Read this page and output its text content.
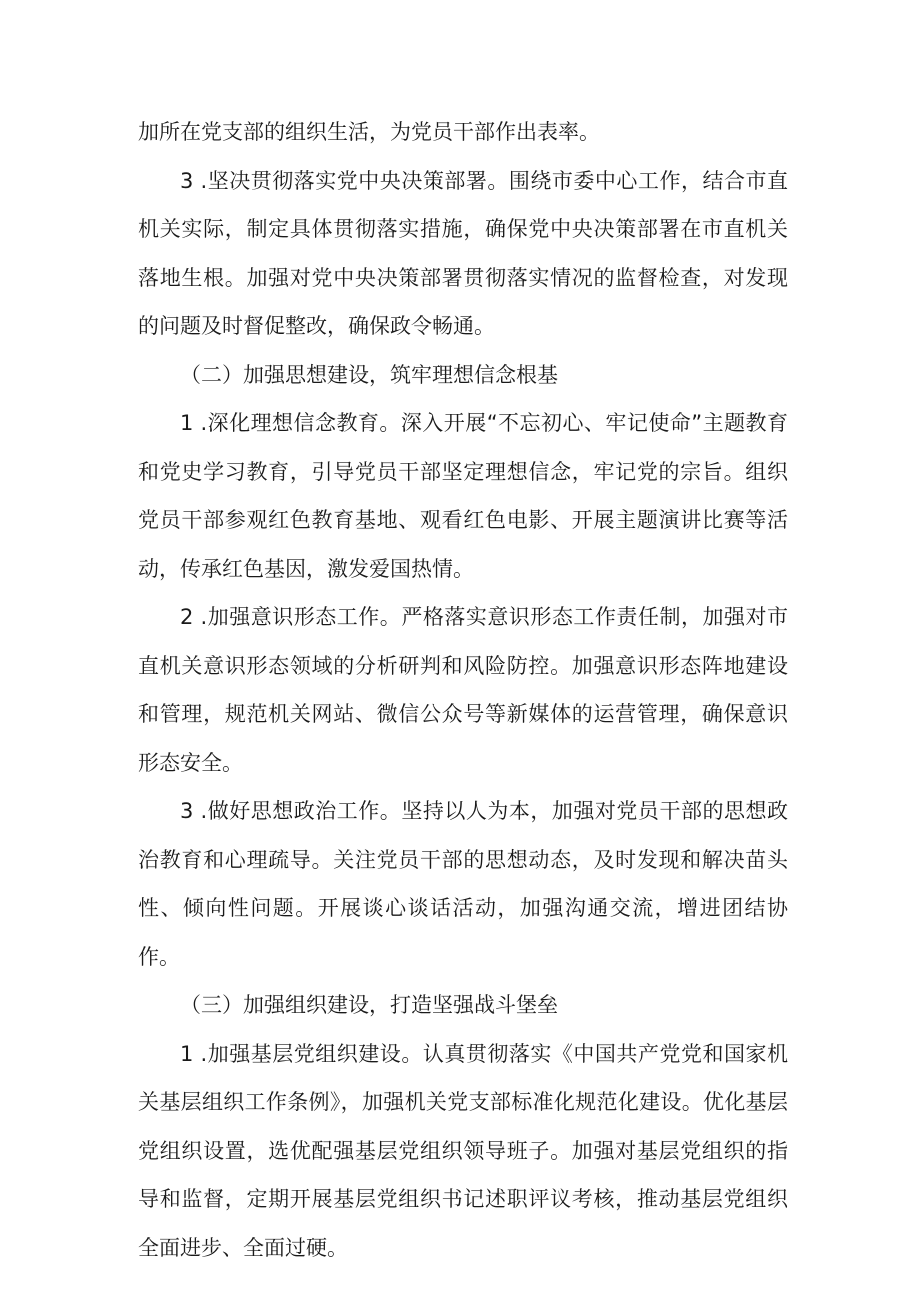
加所在党支部的组织生活，为党员干部作出表率。

3 .坚决贯彻落实党中央决策部署。围绕市委中心工作，结合市直机关实际，制定具体贯彻落实措施，确保党中央决策部署在市直机关落地生根。加强对党中央决策部署贯彻落实情况的监督检查，对发现的问题及时督促整改，确保政令畅通。

（二）加强思想建设，筑牢理想信念根基

1 .深化理想信念教育。深入开展“不忘初心、牢记使命”主题教育和党史学习教育，引导党员干部坚定理想信念，牢记党的宗旨。组织党员干部参观红色教育基地、观看红色电影、开展主题演讲比赛等活动，传承红色基因，激发爱国热情。

2 .加强意识形态工作。严格落实意识形态工作责任制，加强对市直机关意识形态领域的分析研判和风险防控。加强意识形态阵地建设和管理，规范机关网站、微信公众号等新媒体的运营管理，确保意识形态安全。

3 .做好思想政治工作。坚持以人为本，加强对党员干部的思想政治教育和心理疏导。关注党员干部的思想动态，及时发现和解决苗头性、倾向性问题。开展谈心谈话活动，加强沟通交流，增进团结协作。

（三）加强组织建设，打造坚强战斗堡垒

1 .加强基层党组织建设。认真贯彻落实《中国共产党党和国家机关基层组织工作条例》，加强机关党支部标准化规范化建设。优化基层党组织设置，选优配强基层党组织领导班子。加强对基层党组织的指导和监督，定期开展基层党组织书记述职评议考核，推动基层党组织全面进步、全面过硬。
